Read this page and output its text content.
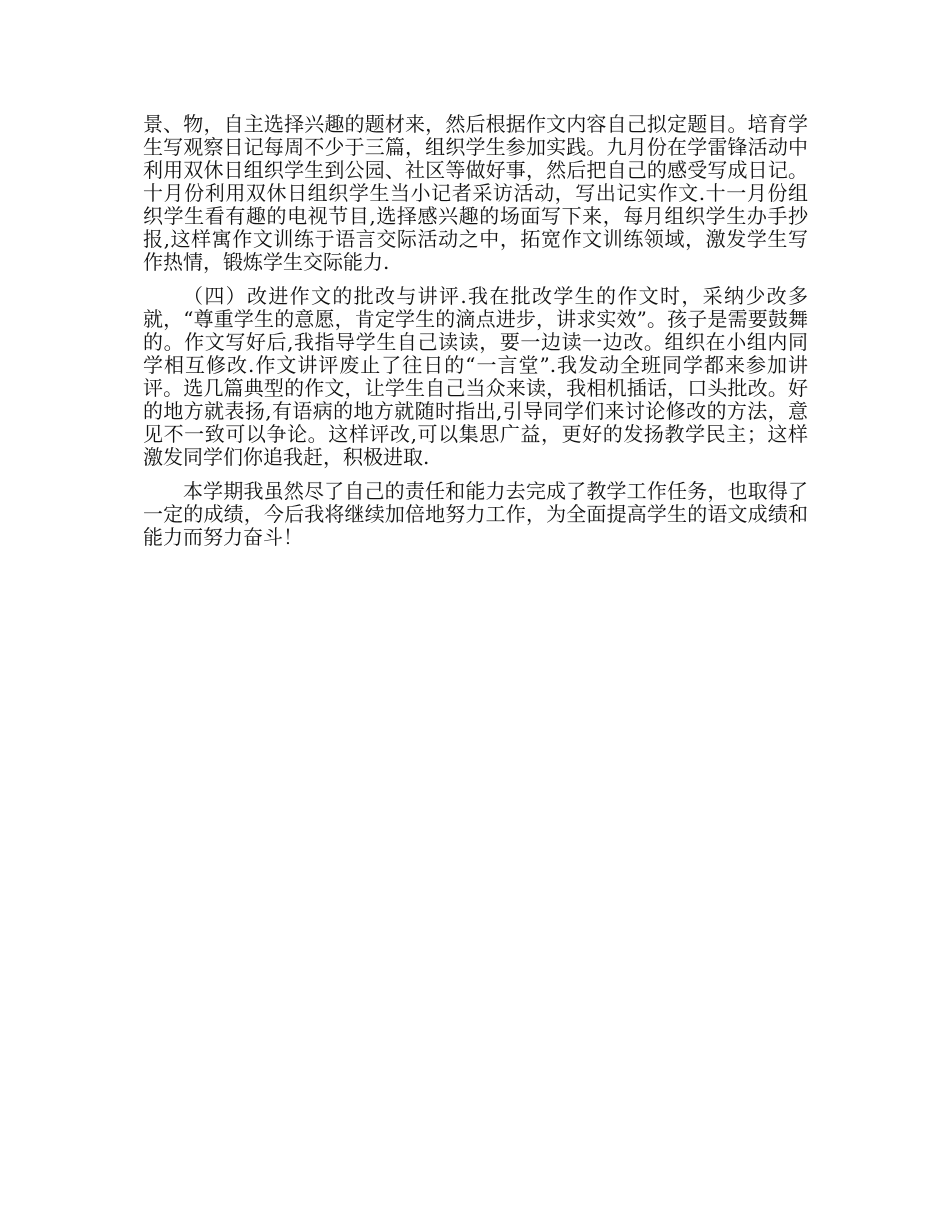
景、物，自主选择兴趣的题材来，然后根据作文内容自己拟定题目。培育学生写观察日记每周不少于三篇，组织学生参加实践。九月份在学雷锋活动中利用双休日组织学生到公园、社区等做好事，然后把自己的感受写成日记。十月份利用双休日组织学生当小记者采访活动，写出记实作文.十一月份组织学生看有趣的电视节目,选择感兴趣的场面写下来，每月组织学生办手抄报,这样寓作文训练于语言交际活动之中，拓宽作文训练领域，激发学生写作热情，锻炼学生交际能力.

（四）改进作文的批改与讲评.我在批改学生的作文时，采纳少改多就，“尊重学生的意愿，肯定学生的滴点进步，讲求实效”。孩子是需要鼓舞的。作文写好后,我指导学生自己读读，要一边读一边改。组织在小组内同学相互修改.作文讲评废止了往日的“一言堂”.我发动全班同学都来参加讲评。选几篇典型的作文，让学生自己当众来读，我相机插话，口头批改。好的地方就表扬,有语病的地方就随时指出,引导同学们来讨论修改的方法，意见不一致可以争论。这样评改,可以集思广益，更好的发扬教学民主；这样激发同学们你追我赶，积极进取.

本学期我虽然尽了自己的责任和能力去完成了教学工作任务，也取得了一定的成绩，今后我将继续加倍地努力工作，为全面提高学生的语文成绩和能力而努力奋斗！
